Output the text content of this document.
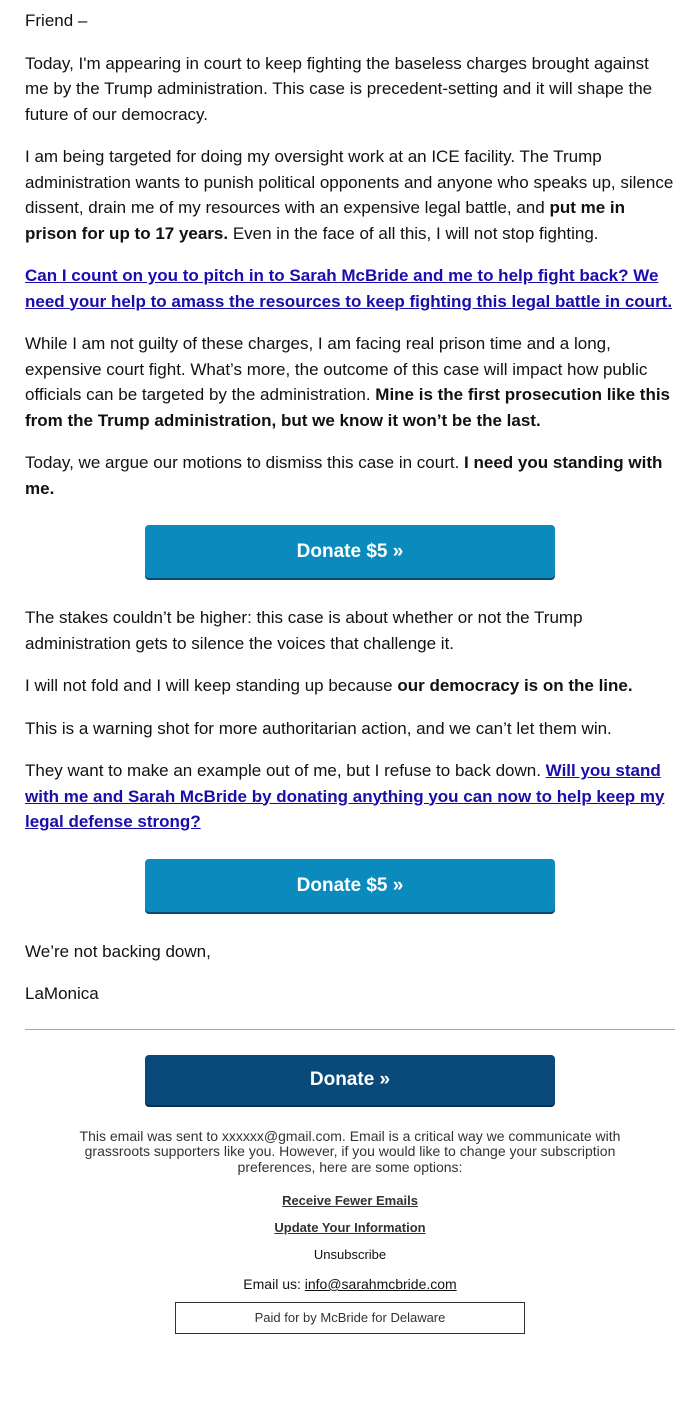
Friend –

Today, I'm appearing in court to keep fighting the baseless charges brought against me by the Trump administration. This case is precedent-setting and it will shape the future of our democracy.

I am being targeted for doing my oversight work at an ICE facility. The Trump administration wants to punish political opponents and anyone who speaks up, silence dissent, drain me of my resources with an expensive legal battle, and put me in prison for up to 17 years. Even in the face of all this, I will not stop fighting.

Can I count on you to pitch in to Sarah McBride and me to help fight back? We need your help to amass the resources to keep fighting this legal battle in court.

While I am not guilty of these charges, I am facing real prison time and a long, expensive court fight. What’s more, the outcome of this case will impact how public officials can be targeted by the administration. Mine is the first prosecution like this from the Trump administration, but we know it won’t be the last.

Today, we argue our motions to dismiss this case in court. I need you standing with me.

Donate $5 »

The stakes couldn’t be higher: this case is about whether or not the Trump administration gets to silence the voices that challenge it.

I will not fold and I will keep standing up because our democracy is on the line.

This is a warning shot for more authoritarian action, and we can’t let them win.

They want to make an example out of me, but I refuse to back down. Will you stand with me and Sarah McBride by donating anything you can now to help keep my legal defense strong?

Donate $5 »

We’re not backing down,

LaMonica

Donate »
This email was sent to xxxxxx@gmail.com. Email is a critical way we communicate with grassroots supporters like you. However, if you would like to change your subscription preferences, here are some options:
Receive Fewer Emails
Update Your Information
Unsubscribe
Email us: info@sarahmcbride.com
Paid for by McBride for Delaware
